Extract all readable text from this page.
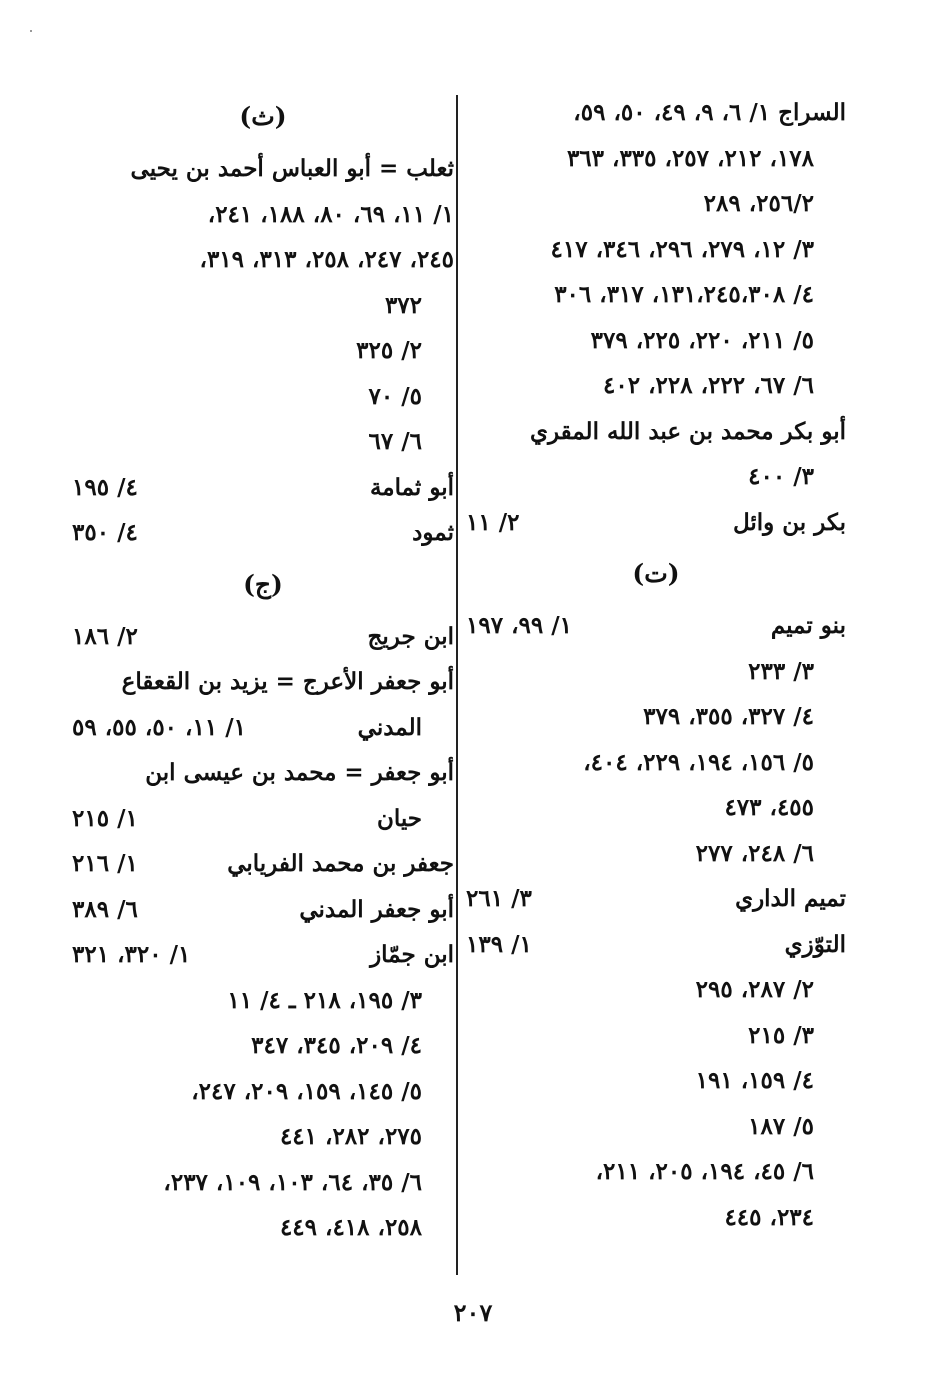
السراج ١/ ٦، ٩، ٤٩، ٥٠، ٥٩،
١٧٨، ٢١٢، ٢٥٧، ٣٣٥، ٣٦٣
٢٥٦/٢، ٢٨٩
٣/ ١٢، ٢٧٩، ٢٩٦، ٣٤٦، ٤١٧
٤/ ١٣١،٢٤٥،٣٠٨، ٣١٧، ٣٠٦
٥/ ٢١١، ٢٢٠، ٢٢٥، ٣٧٩
٦/ ٦٧، ٢٢٢، ٢٢٨، ٤٠٢
أبو بكر محمد بن عبد الله المقري
٣/ ٤٠٠
بكر بن وائل
٢/ ١١
(ت)
بنو تميم
١/ ٩٩، ١٩٧
٣/ ٢٣٣
٤/ ٣٢٧، ٣٥٥، ٣٧٩
٥/ ١٥٦، ١٩٤، ٢٢٩، ٤٠٤،
٤٥٥، ٤٧٣
٦/ ٢٤٨، ٢٧٧
تميم الداري
٣/ ٢٦١
التوّزي
١/ ١٣٩
٢/ ٢٨٧، ٢٩٥
٣/ ٢١٥
٤/ ١٥٩، ١٩١
٥/ ١٨٧
٦/ ٤٥، ١٩٤، ٢٠٥، ٢١١،
٢٣٤، ٤٤٥
(ث)
ثعلب = أبو العباس أحمد بن يحيى
١/ ١١، ٦٩، ٨٠، ١٨٨، ٢٤١،
٢٤٥، ٢٤٧، ٢٥٨، ٣١٣، ٣١٩،
٣٧٢
٢/ ٣٢٥
٥/ ٧٠
٦/ ٦٧
أبو ثمامة
٤/ ١٩٥
ثمود
٤/ ٣٥٠
(ج)
ابن جريج
٢/ ١٨٦
أبو جعفر الأعرج = يزيد بن القعقاع
المدني
١/ ١١، ٥٠، ٥٥، ٥٩
أبو جعفر = محمد بن عيسى ابن
حيان
١/ ٢١٥
جعفر بن محمد الفريابي
١/ ٢١٦
أبو جعفر المدني
٦/ ٣٨٩
ابن جمّاز
١/ ٣٢٠، ٣٢١
٣/ ١٩٥، ٢١٨ ـ ٤/ ١١
٤/ ٢٠٩، ٣٤٥، ٣٤٧
٥/ ١٤٥، ١٥٩، ٢٠٩، ٢٤٧،
٢٧٥، ٢٨٢، ٤٤١
٦/ ٣٥، ٦٤، ١٠٣، ١٠٩، ٢٣٧،
٢٥٨، ٤١٨، ٤٤٩
٢٠٧
